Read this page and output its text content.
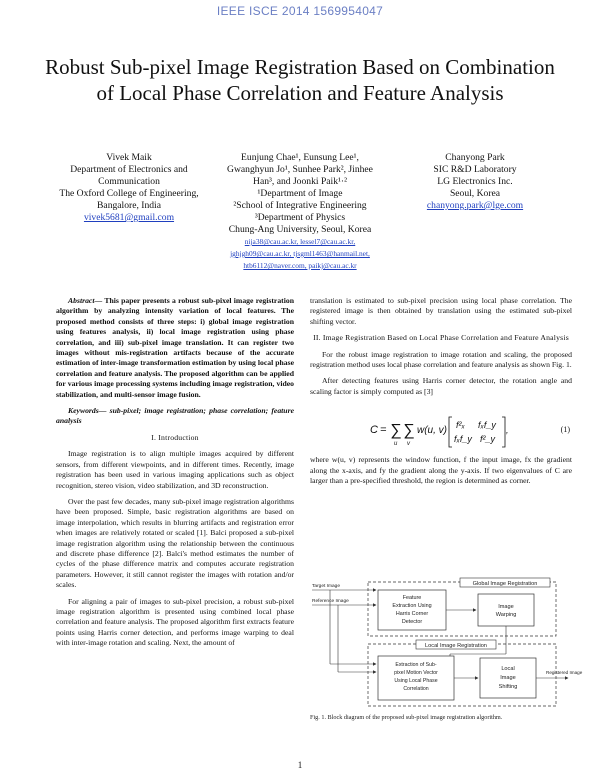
IEEE ISCE 2014 1569954047
Robust Sub-pixel Image Registration Based on Combination of Local Phase Correlation and Feature Analysis
Vivek Maik
Department of Electronics and
Communication
The Oxford College of Engineering,
Bangalore, India
vivek5681@gmail.com
Eunjung Chae¹, Eunsung Lee¹,
Gwanghyun Jo¹, Sunhee Park², Jinhee
Han³, and Joonki Paik¹·²
¹Department of Image
²School of Integrative Engineering
³Department of Physics
Chung-Ang University, Seoul, Korea
nija38@cau.ac.kr, lessel7@cau.ac.kr,
jghjgh09@cau.ac.kr, tjsgml1463@hanmail.net,
htb6112@naver.com, paikj@cau.ac.kr
Chanyong Park
SIC R&D Laboratory
LG Electronics Inc.
Seoul, Korea
chanyong.park@lge.com

Abstract— This paper presents a robust sub-pixel image registration algorithm by analyzing intensity variation of local features. The proposed method consists of three steps: i) global image registration using features analysis, ii) local image registration using phase correlation, and iii) sub-pixel image translation. It can register two images without mis-registration artifacts because of the accurate estimation of inter-image transformation estimation by using local phase correlation and feature analysis. The proposed algorithm can be applied for various image processing systems including image registration, video stabilization, and multi-sensor image fusion.

Keywords— sub-pixel; image registration; phase correlation; feature analysis

I. Introduction

Image registration is to align multiple images acquired by different sensors, from different viewpoints, and in different times. Recently, image registration has been used in various imaging applications such as object recognition, stereo vision, video stabilization, and 3D reconstruction.

Over the past few decades, many sub-pixel image registration algorithms have been proposed. Simple, basic registration algorithms are based on image interpolation, which results in blurring artifacts and registration error when images are relatively rotated or scaled [1]. Balci proposed a sub-pixel image registration algorithm using the relationship between the continuous and discrete phase difference [2]. Balci's method estimates the number of cycles of the phase difference matrix and computes accurate registration parameters. However, it still cannot register the images with rotation and/or scales.

For aligning a pair of images to sub-pixel precision, a robust sub-pixel image registration algorithm is presented using combined local phase correlation and feature analysis. The proposed algorithm first extracts feature points using Harris corner detection, and performs image warping to deal with inter-image rotation and scaling. Next, the amount of

translation is estimated to sub-pixel precision using local phase correlation. The registered image is then obtained by translation using the estimated sub-pixel shifting vector.

II. Image Registration Based on Local Phase Correlation and Feature Analysis

For the robust image registration to image rotation and scaling, the proposed registration method uses local phase correlation and feature analysis as shown Fig. 1.

After detecting features using Harris corner detector, the rotation angle and scaling factor is simply computed as [3]

C = ∑ ∑
u v
w(u, v) f²ₓ fₓf_y
fₓf_y f²_y
,	(1)

where w(u, v) represents the window function, f the input image, fx the gradient along the x-axis, and fy the gradient along the y-axis. If two eigenvalues of C are larger than a pre-specified threshold, the region is determined as corner.

Global Image Registration
Target Image
Reference Image
Feature
Extraction Using
Harris Corner
Detector
Image
Warping
Local Image Registration
Extraction of Sub-
pixel Motion Vector
Using Local Phase
Correlation
Local
Image
Shifting
Registered Image
Fig. 1. Block diagram of the proposed sub-pixel image registration algorithm.
1
